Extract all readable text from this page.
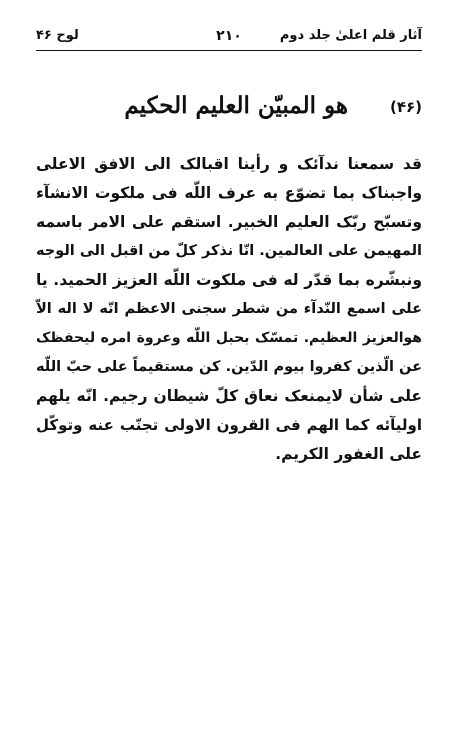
آثار قلم اعلیٰ جلد دوم
۲۱۰
لوح ۴۶
(۴۶)
هو المبیّن العلیم الحکیم
قد سمعنا ندآئک و رأینا اقبالک الی الافق الاعلی
واجبناک بما تضوّع به عرف اللّه فی ملکوت الانشآء
وتسبّح ربّک العلیم الخبیر. استقم علی الامر باسمه
المهیمن علی العالمین. انّا نذکر کلّ من اقبل الی الوجه
ونبشّره بما قدّر له فی ملکوت اللّه العزیز الحمید. یا
علی اسمع النّدآء من شطر سجنی الاعظم انّه لا اله الاّ
هوالعزیز العظیم. تمسّک بحبل اللّه وعروة امره لیحفظک
عن الّذین کفروا بیوم الدّین. کن مستقیماً علی حبّ اللّه
علی شأن لایمنعک نعاق کلّ شیطان رجیم. انّه یلهم
اولیآئه کما الهم فی القرون الاولی تجنّب عنه وتوکّل
علی الغفور الکریم.
